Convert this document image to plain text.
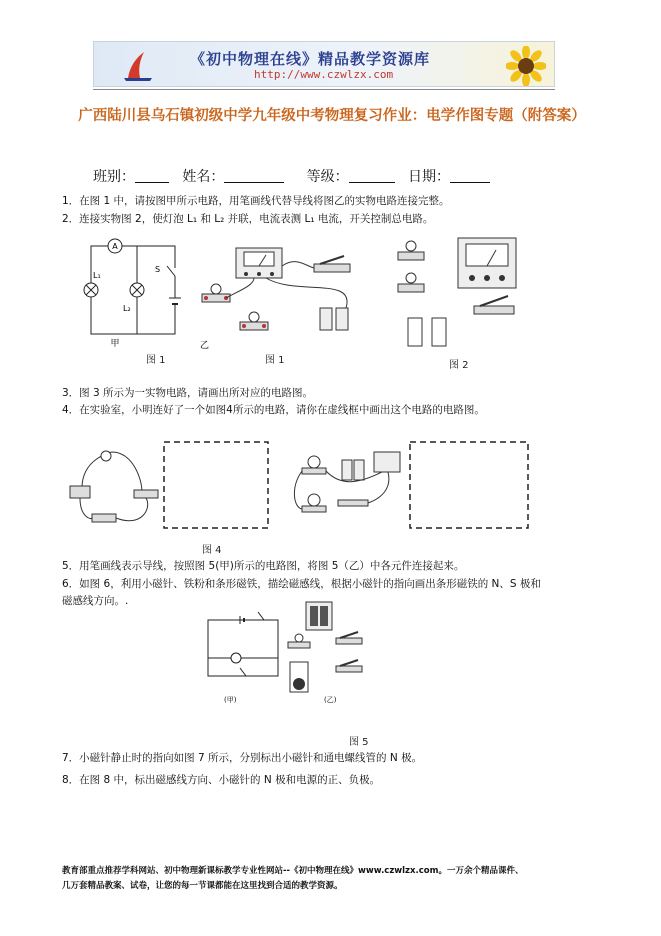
《初中物理在线》精品教学资源库
http://www.czwlzx.com
广西陆川县乌石镇初级中学九年级中考物理复习作业：电学作图专题（附答案）
班别：	姓名：	等级：	日期：
1．在图 1 中，请按图甲所示电路，用笔画线代替导线将图乙的实物电路连接完整。
2．连接实物图 2，使灯泡 L₁ 和 L₂ 并联，电流表测 L₁ 电流，开关控制总电路。
A
L₁
L₂
S
甲	乙
图 1	图 1	图 2
3．图 3 所示为一实物电路，请画出所对应的电路图。
4．在实验室，小明连好了一个如图4所示的电路，请你在虚线框中画出这个电路的电路图。
图 4
5．用笔画线表示导线，按照图 5(甲)所示的电路图，将图 5（乙）中各元件连接起来。
6．如图 6，利用小磁针、铁粉和条形磁铁，描绘磁感线，根据小磁针的指向画出条形磁铁的 N、S 极和
磁感线方向。.
(甲)	(乙)
图 5
7．小磁针静止时的指向如图 7 所示，分别标出小磁针和通电螺线管的 N 极。
8．在图 8 中，标出磁感线方向、小磁针的 N 极和电源的正、负极。
教育部重点推荐学科网站、初中物理新课标教学专业性网站--《初中物理在线》www.czwlzx.com。一万余个精品课件、
几万套精品教案、试卷，让您的每一节课都能在这里找到合适的教学资源。
